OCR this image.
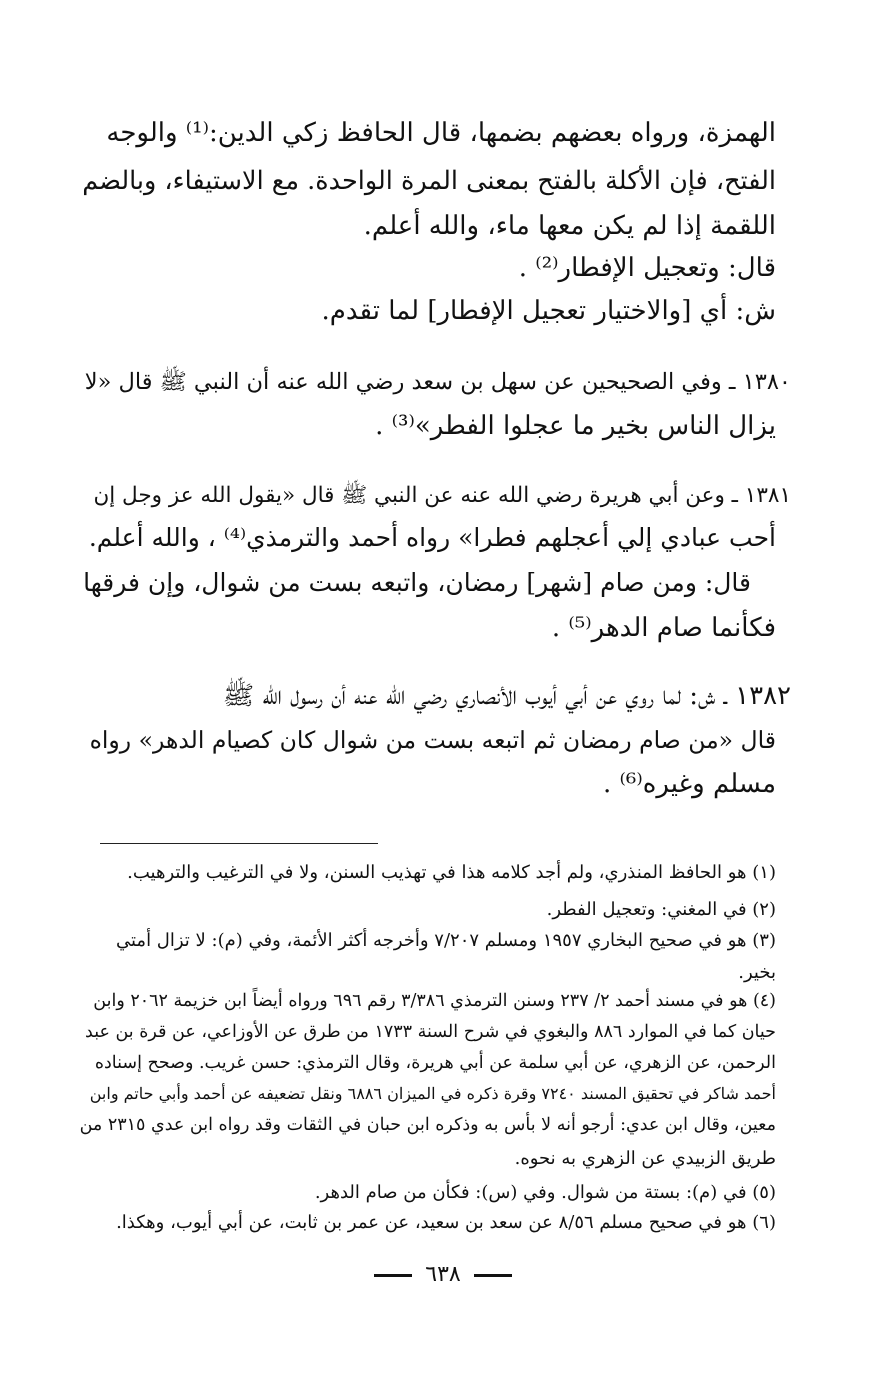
الهمزة، ورواه بعضهم بضمها، قال الحافظ زكي الدين:⁽¹⁾ والوجه
الفتح، فإن الأكلة بالفتح بمعنى المرة الواحدة. مع الاستيفاء، وبالضم
اللقمة إذا لم يكن معها ماء، والله أعلم.
قال: وتعجيل الإفطار⁽²⁾ .
ش: أي [والاختيار تعجيل الإفطار] لما تقدم.
١٣٨٠ ـ وفي الصحيحين عن سهل بن سعد رضي الله عنه أن النبي ﷺ قال «لا
يزال الناس بخير ما عجلوا الفطر»⁽³⁾ .
١٣٨١ ـ وعن أبي هريرة رضي الله عنه عن النبي ﷺ قال «يقول الله عز وجل إن
أحب عبادي إلي أعجلهم فطرا» رواه أحمد والترمذي⁽⁴⁾ ، والله أعلم.
قال: ومن صام [شهر] رمضان، واتبعه بست من شوال، وإن فرقها
فكأنما صام الدهر⁽⁵⁾ .
١٣٨٢ ـ ش: لما روي عن أبي أيوب الأنصاري رضي الله عنه أن رسول الله ﷺ
قال «من صام رمضان ثم اتبعه بست من شوال كان كصيام الدهر» رواه
مسلم وغيره⁽⁶⁾ .
(١) هو الحافظ المنذري، ولم أجد كلامه هذا في تهذيب السنن، ولا في الترغيب والترهيب.
(٢) في المغني: وتعجيل الفطر.
(٣) هو في صحيح البخاري ١٩٥٧ ومسلم ٧/٢٠٧ وأخرجه أكثر الأئمة، وفي (م): لا تزال أمتي
بخير.
(٤) هو في مسند أحمد ٢/ ٢٣٧ وسنن الترمذي ٣/٣٨٦ رقم ٦٩٦ ورواه أيضاً ابن خزيمة ٢٠٦٢ وابن
حيان كما في الموارد ٨٨٦ والبغوي في شرح السنة ١٧٣٣ من طرق عن الأوزاعي، عن قرة بن عبد
الرحمن، عن الزهري، عن أبي سلمة عن أبي هريرة، وقال الترمذي: حسن غريب. وصحح إسناده
أحمد شاكر في تحقيق المسند ٧٢٤٠ وقرة ذكره في الميزان ٦٨٨٦ ونقل تضعيفه عن أحمد وأبي حاتم وابن
معين، وقال ابن عدي: أرجو أنه لا بأس به وذكره ابن حبان في الثقات وقد رواه ابن عدي ٢٣١٥ من
طريق الزبيدي عن الزهري به نحوه.
(٥) في (م): بستة من شوال. وفي (س): فكأن من صام الدهر.
(٦) هو في صحيح مسلم ٨/٥٦ عن سعد بن سعيد، عن عمر بن ثابت، عن أبي أيوب، وهكذا.
٦٣٨
